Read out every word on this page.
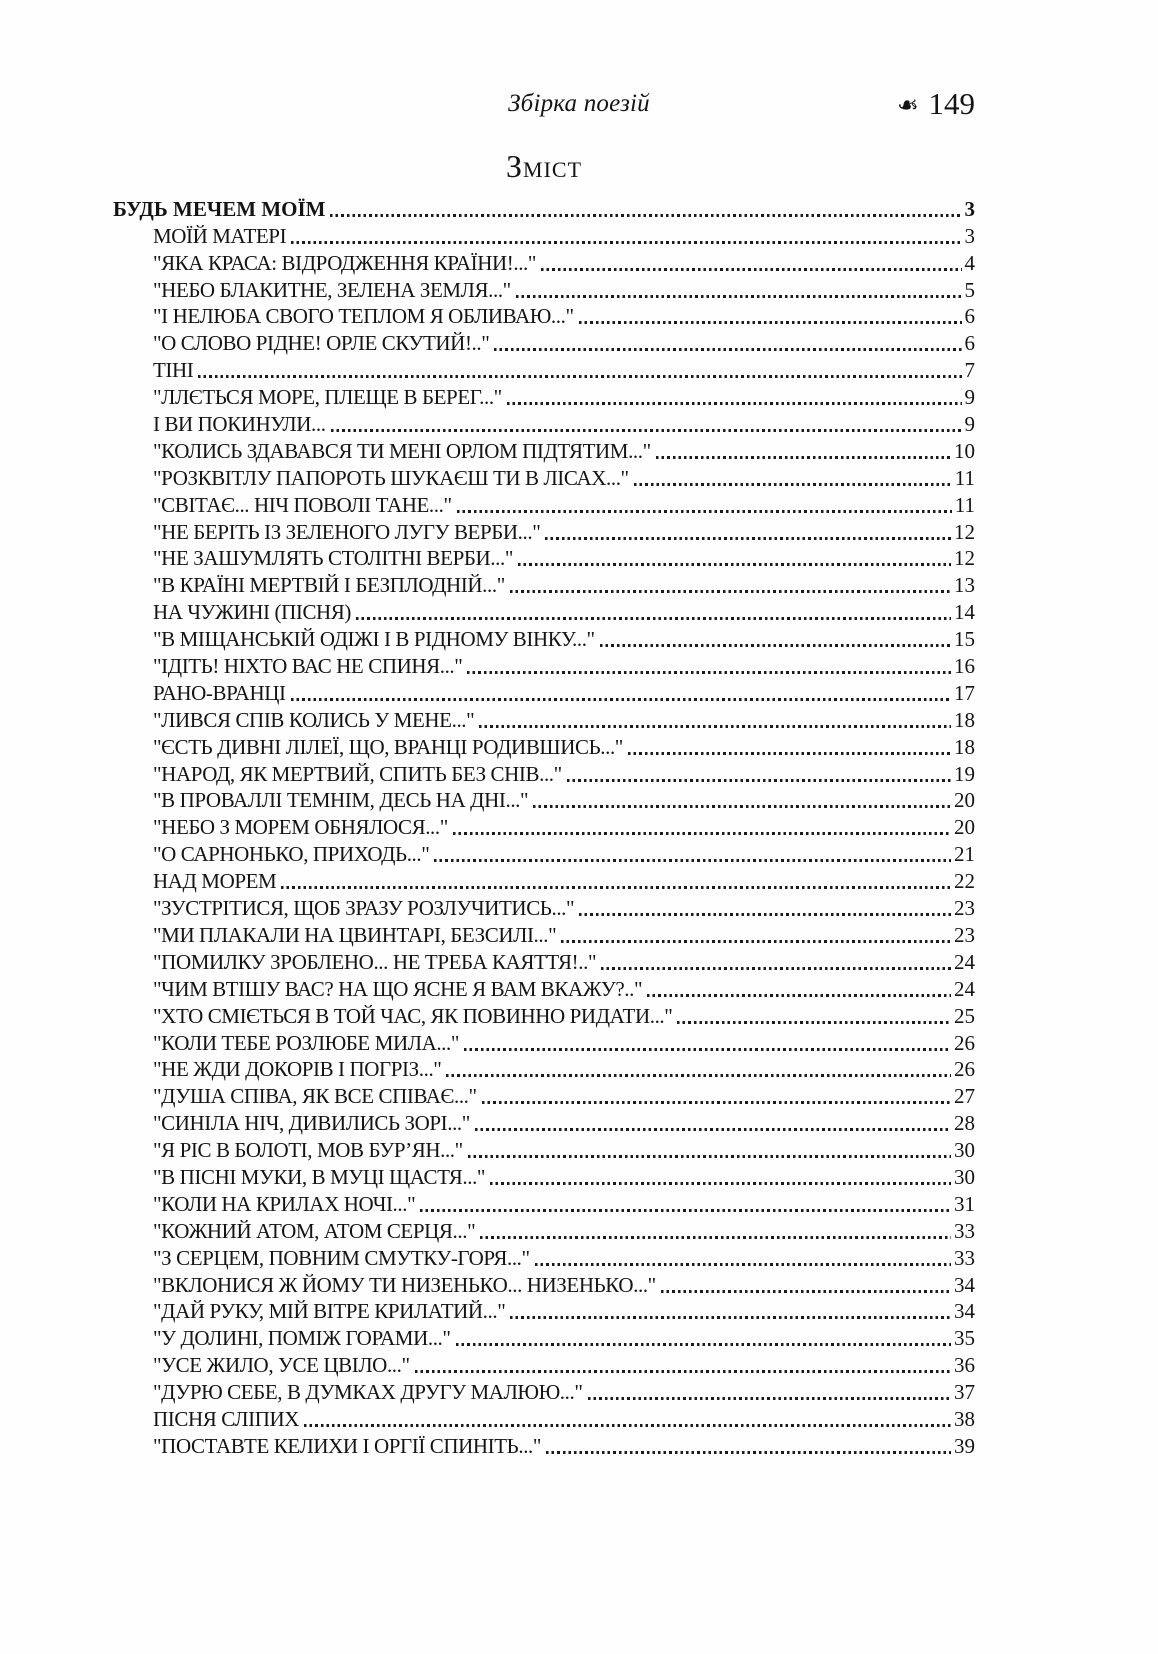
Збірка поезій	❧ 149
Зміст
БУДЬ МЕЧЕМ МОЇМ	3
МОЇЙ МАТЕРІ	3
"ЯКА КРАСА: ВІДРОДЖЕННЯ КРАЇНИ!..."	4
"НЕБО БЛАКИТНЕ, ЗЕЛЕНА ЗЕМЛЯ..."	5
"І НЕЛЮБА СВОГО ТЕПЛОМ Я ОБЛИВАЮ..."	6
"О СЛОВО РІДНЕ! ОРЛЕ СКУТИЙ!.."	6
ТІНІ	7
"ЛЛЄТЬСЯ МОРЕ, ПЛЕЩЕ В БЕРЕГ..."	9
І ВИ ПОКИНУЛИ...	9
"КОЛИСЬ ЗДАВАВСЯ ТИ МЕНІ ОРЛОМ ПІДТЯТИМ..."	10
"РОЗКВІТЛУ ПАПОРОТЬ ШУКАЄШ ТИ В ЛІСАХ..."	11
"СВІТАЄ... НІЧ ПОВОЛІ ТАНЕ..."	11
"НЕ БЕРІТЬ ІЗ ЗЕЛЕНОГО ЛУГУ ВЕРБИ..."	12
"НЕ ЗАШУМЛЯТЬ СТОЛІТНІ ВЕРБИ..."	12
"В КРАЇНІ МЕРТВІЙ І БЕЗПЛОДНІЙ..."	13
НА ЧУЖИНІ (ПІСНЯ)	14
"В МІЩАНСЬКІЙ ОДІЖІ І В РІДНОМУ ВІНКУ..."	15
"ІДІТЬ! НІХТО ВАС НЕ СПИНЯ..."	16
РАНО-ВРАНЦІ	17
"ЛИВСЯ СПІВ КОЛИСЬ У МЕНЕ..."	18
"ЄСТЬ ДИВНІ ЛІЛЕЇ, ЩО, ВРАНЦІ РОДИВШИСЬ..."	18
"НАРОД, ЯК МЕРТВИЙ, СПИТЬ БЕЗ СНІВ..."	19
"В ПРОВАЛЛІ ТЕМНІМ, ДЕСЬ НА ДНІ..."	20
"НЕБО З МОРЕМ ОБНЯЛОСЯ..."	20
"О САРНОНЬКО, ПРИХОДЬ..."	21
НАД МОРЕМ	22
"ЗУСТРІТИСЯ, ЩОБ ЗРАЗУ РОЗЛУЧИТИСЬ..."	23
"МИ ПЛАКАЛИ НА ЦВИНТАРІ, БЕЗСИЛІ..."	23
"ПОМИЛКУ ЗРОБЛЕНО... НЕ ТРЕБА КАЯТТЯ!.."	24
"ЧИМ ВТІШУ ВАС? НА ЩО ЯСНЕ Я ВАМ ВКАЖУ?.."	24
"ХТО СМІЄТЬСЯ В ТОЙ ЧАС, ЯК ПОВИННО РИДАТИ..."	25
"КОЛИ ТЕБЕ РОЗЛЮБЕ МИЛА..."	26
"НЕ ЖДИ ДОКОРІВ І ПОГРІЗ..."	26
"ДУША СПІВА, ЯК ВСЕ СПІВАЄ..."	27
"СИНІЛА НІЧ, ДИВИЛИСЬ ЗОРІ..."	28
"Я РІС В БОЛОТІ, МОВ БУР’ЯН..."	30
"В ПІСНІ МУКИ, В МУЦІ ЩАСТЯ..."	30
"КОЛИ НА КРИЛАХ НОЧІ..."	31
"КОЖНИЙ АТОМ, АТОМ СЕРЦЯ..."	33
"З СЕРЦЕМ, ПОВНИМ СМУТКУ-ГОРЯ..."	33
"ВКЛОНИСЯ Ж ЙОМУ ТИ НИЗЕНЬКО... НИЗЕНЬКО..."	34
"ДАЙ РУКУ, МІЙ ВІТРЕ КРИЛАТИЙ..."	34
"У ДОЛИНІ, ПОМІЖ ГОРАМИ..."	35
"УСЕ ЖИЛО, УСЕ ЦВІЛО..."	36
"ДУРЮ СЕБЕ, В ДУМКАХ ДРУГУ МАЛЮЮ..."	37
ПІСНЯ СЛІПИХ	38
"ПОСТАВТЕ КЕЛИХИ І ОРГІЇ СПИНІТЬ..."	39
